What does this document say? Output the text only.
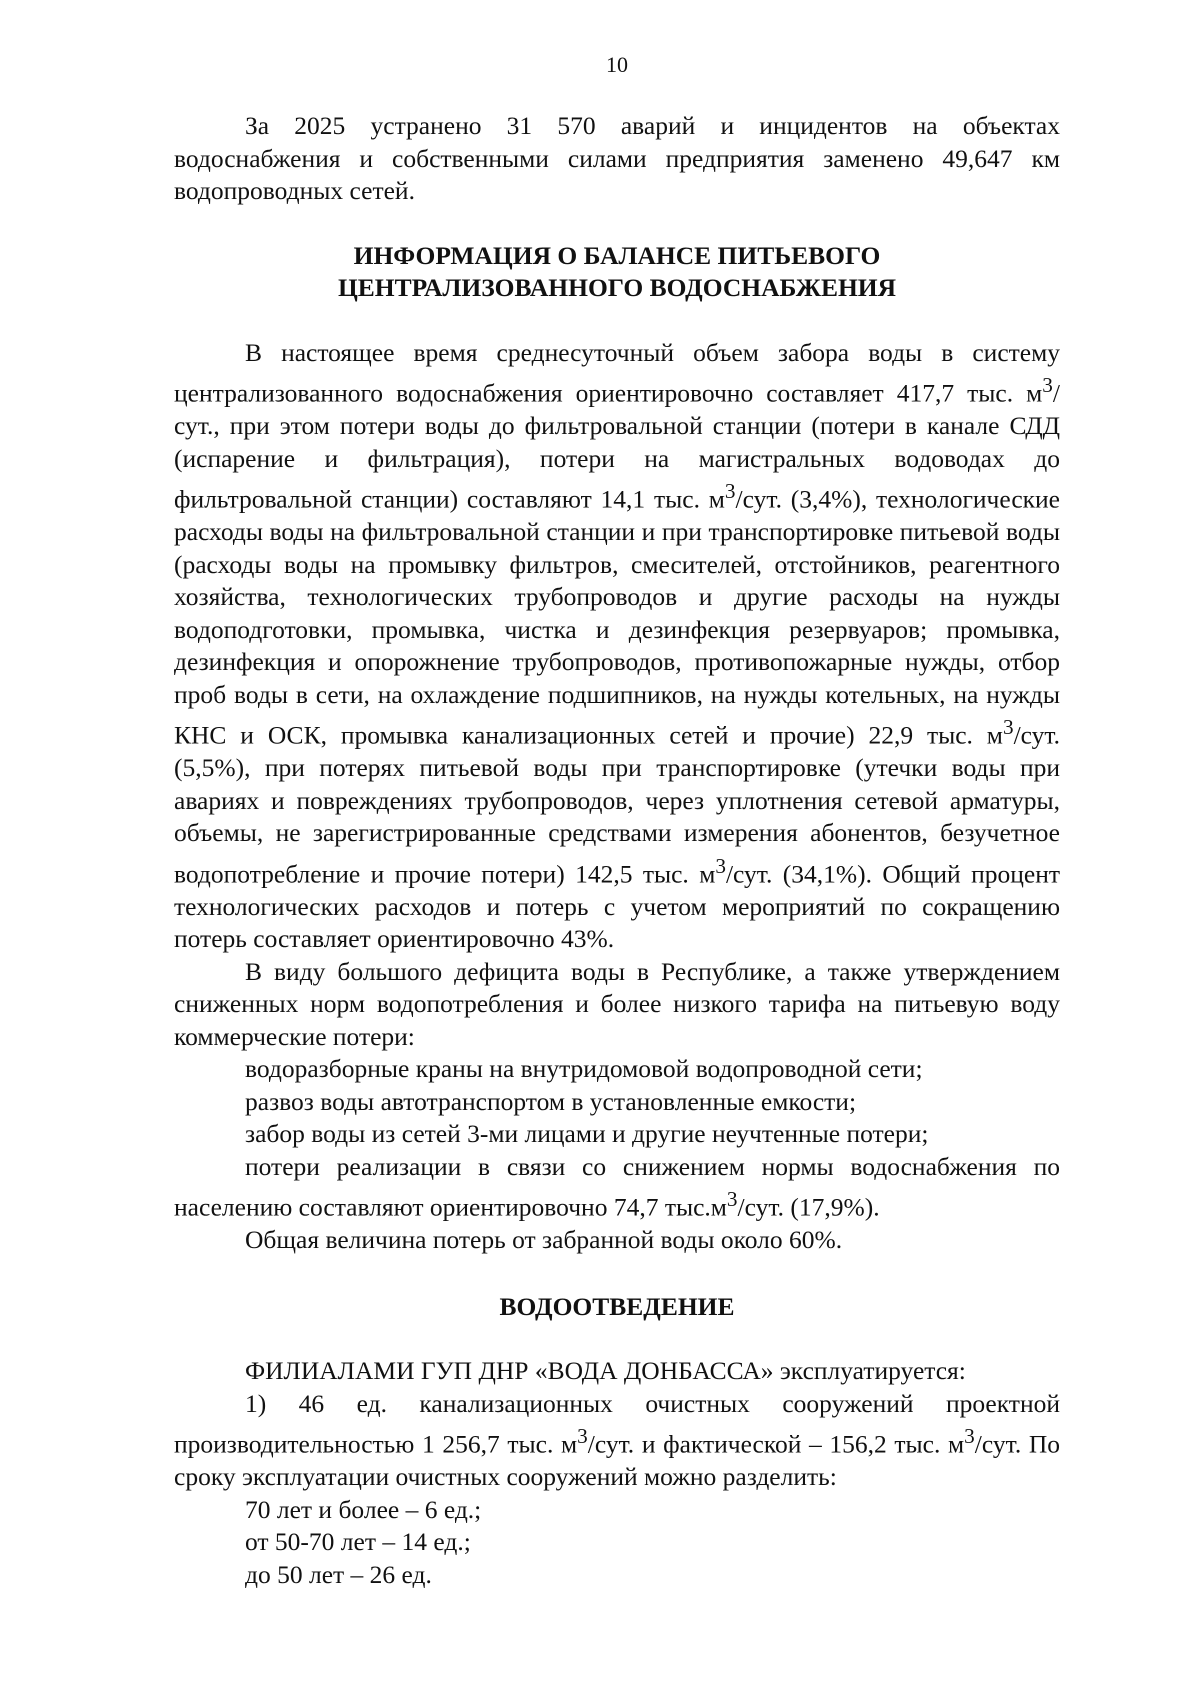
10

За 2025 устранено 31 570 аварий и инцидентов на объектах водоснабжения и собственными силами предприятия заменено 49,647 км водопроводных сетей.

ИНФОРМАЦИЯ О БАЛАНСЕ ПИТЬЕВОГО
ЦЕНТРАЛИЗОВАННОГО ВОДОСНАБЖЕНИЯ

В настоящее время среднесуточный объем забора воды в систему централизованного водоснабжения ориентировочно составляет 417,7 тыс. $м^3$/сут., при этом потери воды до фильтровальной станции (потери в канале СДД (испарение и фильтрация), потери на магистральных водоводах до фильтровальной станции) составляют 14,1 тыс. $м^3$/сут. (3,4%), технологические расходы воды на фильтровальной станции и при транспортировке питьевой воды (расходы воды на промывку фильтров, смесителей, отстойников, реагентного хозяйства, технологических трубопроводов и другие расходы на нужды водоподготовки, промывка, чистка и дезинфекция резервуаров; промывка, дезинфекция и опорожнение трубопроводов, противопожарные нужды, отбор проб воды в сети, на охлаждение подшипников, на нужды котельных, на нужды КНС и ОСК, промывка канализационных сетей и прочие) 22,9 тыс. $м^3$/сут. (5,5%), при потерях питьевой воды при транспортировке (утечки воды при авариях и повреждениях трубопроводов, через уплотнения сетевой арматуры, объемы, не зарегистрированные средствами измерения абонентов, безучетное водопотребление и прочие потери) 142,5 тыс. $м^3$/сут. (34,1%). Общий процент технологических расходов и потерь с учетом мероприятий по сокращению потерь составляет ориентировочно 43%.

В виду большого дефицита воды в Республике, а также утверждением сниженных норм водопотребления и более низкого тарифа на питьевую воду коммерческие потери:

водоразборные краны на внутридомовой водопроводной сети;

развоз воды автотранспортом в установленные емкости;

забор воды из сетей 3-ми лицами и другие неучтенные потери;

потери реализации в связи со снижением нормы водоснабжения по населению составляют ориентировочно 74,7 $тыс.м^3$/сут. (17,9%).

Общая величина потерь от забранной воды около 60%.

ВОДООТВЕДЕНИЕ

ФИЛИАЛАМИ ГУП ДНР «ВОДА ДОНБАССА» эксплуатируется:

1) 46 ед. канализационных очистных сооружений проектной производительностью 1 256,7 тыс. $м^3$/сут. и фактической – 156,2 тыс. $м^3$/сут. По сроку эксплуатации очистных сооружений можно разделить:

70 лет и более – 6 ед.;

от 50-70 лет – 14 ед.;

до 50 лет – 26 ед.
